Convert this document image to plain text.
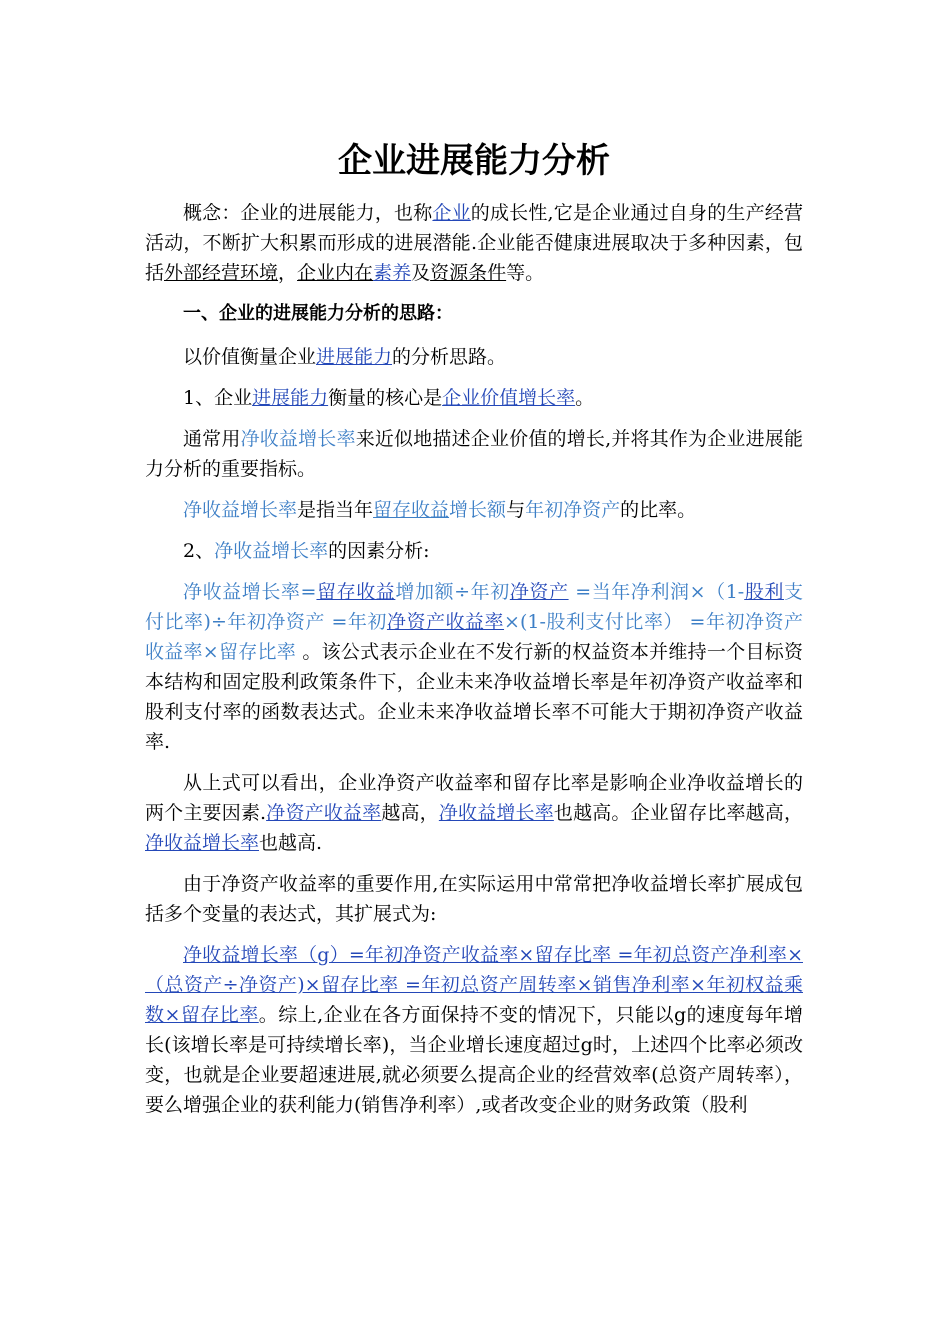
企业进展能力分析

概念：企业的进展能力，也称企业的成长性,它是企业通过自身的生产经营活动，不断扩大积累而形成的进展潜能.企业能否健康进展取决于多种因素，包括外部经营环境，企业内在素养及资源条件等。

一、企业的进展能力分析的思路：

以价值衡量企业进展能力的分析思路。

1、企业进展能力衡量的核心是企业价值增长率。

通常用净收益增长率来近似地描述企业价值的增长,并将其作为企业进展能力分析的重要指标。

净收益增长率是指当年留存收益增长额与年初净资产的比率。

2、净收益增长率的因素分析:

净收益增长率=留存收益增加额÷年初净资产 =当年净利润×（1-股利支付比率)÷年初净资产 =年初净资产收益率×(1-股利支付比率） =年初净资产收益率×留存比率 。该公式表示企业在不发行新的权益资本并维持一个目标资本结构和固定股利政策条件下，企业未来净收益增长率是年初净资产收益率和股利支付率的函数表达式。企业未来净收益增长率不可能大于期初净资产收益率.

从上式可以看出，企业净资产收益率和留存比率是影响企业净收益增长的两个主要因素.净资产收益率越高，净收益增长率也越高。企业留存比率越高，净收益增长率也越高.

由于净资产收益率的重要作用,在实际运用中常常把净收益增长率扩展成包括多个变量的表达式，其扩展式为:

净收益增长率（g）=年初净资产收益率×留存比率 =年初总资产净利率×（总资产÷净资产)×留存比率 =年初总资产周转率×销售净利率×年初权益乘数×留存比率。综上,企业在各方面保持不变的情况下，只能以g的速度每年增长(该增长率是可持续增长率)，当企业增长速度超过g时，上述四个比率必须改变，也就是企业要超速进展,就必须要么提高企业的经营效率(总资产周转率），要么增强企业的获利能力(销售净利率）,或者改变企业的财务政策（股利
